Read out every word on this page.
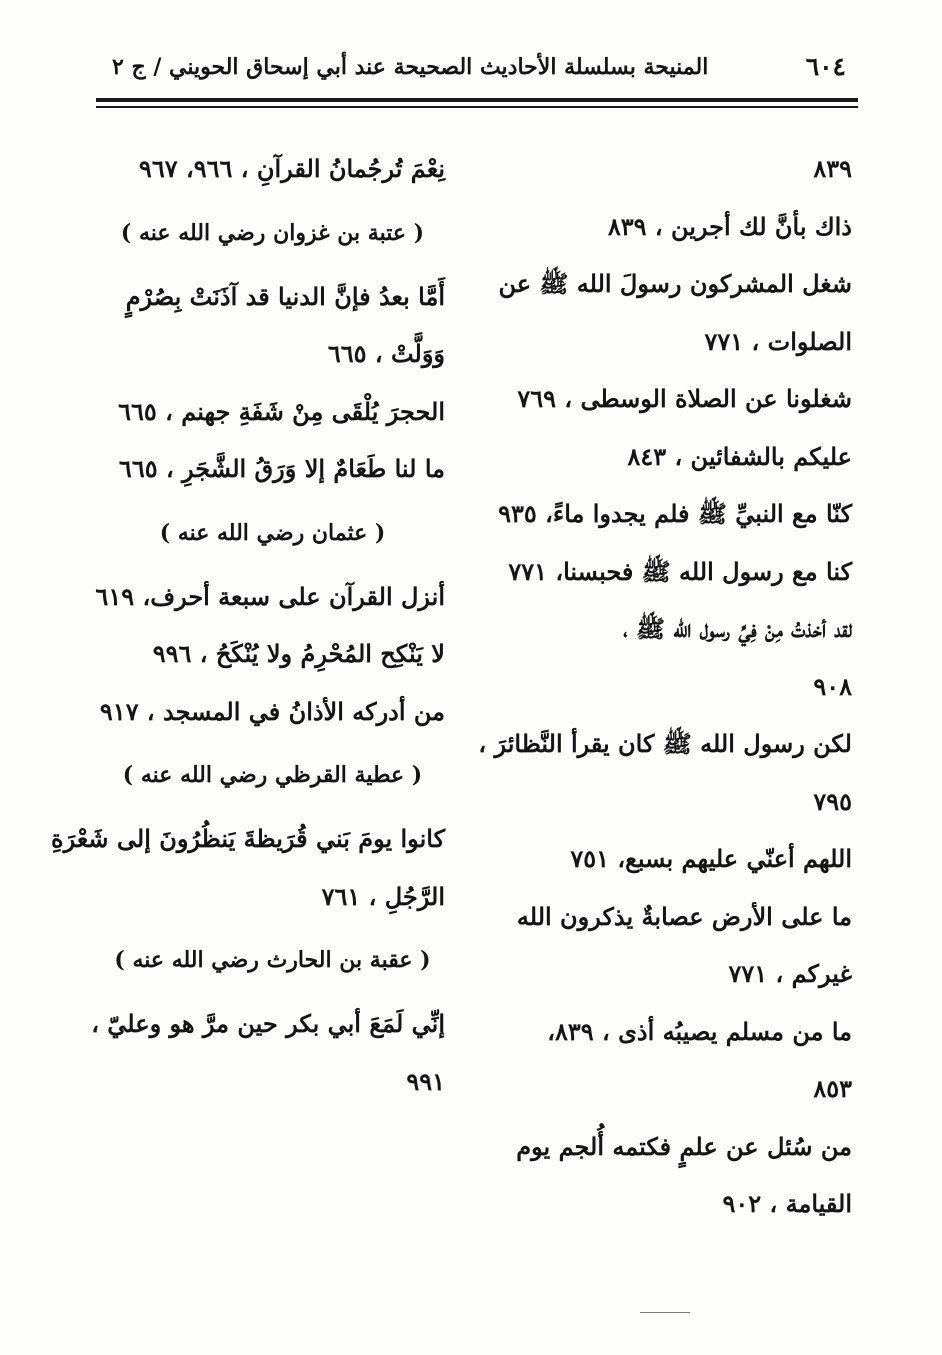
المنيحة بسلسلة الأحاديث الصحيحة عند أبي إسحاق الحويني / ج ٢	٦٠٤
٨٣٩
ذاك بأنَّ لك أجرين ، ٨٣٩
شغل المشركون رسولَ الله ﷺ عن
الصلوات ، ٧٧١
شغلونا عن الصلاة الوسطى ، ٧٦٩
عليكم بالشفائين ، ٨٤٣
كنّا مع النبيِّ ﷺ فلم يجدوا ماءً، ٩٣٥
كنا مع رسول الله ﷺ فحبسنا، ٧٧١
لقد أخذتُ مِنْ فِيِّ رسول الله ﷺ ،
٩٠٨
لكن رسول الله ﷺ كان يقرأ النَّظائرَ ،
٧٩٥
اللهم أعنّي عليهم بسبع، ٧٥١
ما على الأرض عصابةٌ يذكرون الله
غيركم ، ٧٧١
ما من مسلم يصيبُه أذى ، ٨٣٩،
٨٥٣
من سُئل عن علمٍ فكتمه أُلجم يوم
القيامة ، ٩٠٢
نِعْمَ تُرجُمانُ القرآنِ ، ٩٦٦، ٩٦٧
( عتبة بن غزوان رضي الله عنه )
أَمَّا بعدُ فإنَّ الدنيا قد آذَنَتْ بِصُرْمٍ
وَوَلَّتْ ، ٦٦٥
الحجرَ يُلْقَى مِنْ شَفَةِ جهنم ، ٦٦٥
ما لنا طَعَامٌ إلا وَرَقُ الشَّجَرِ ، ٦٦٥
( عثمان رضي الله عنه )
أنزل القرآن على سبعة أحرف، ٦١٩
لا يَنْكِح المُحْرِمُ ولا يُنْكَحُ ، ٩٩٦
من أدركه الأذانُ في المسجد ، ٩١٧
( عطية القرظي رضي الله عنه )
كانوا يومَ بَني قُرَيظةَ يَنظُرُونَ إلى شَعْرَةِ
الرَّجُلِ ، ٧٦١
( عقبة بن الحارث رضي الله عنه )
إنِّي لَمَعَ أبي بكر حين مرَّ هو وعليّ ،
٩٩١
